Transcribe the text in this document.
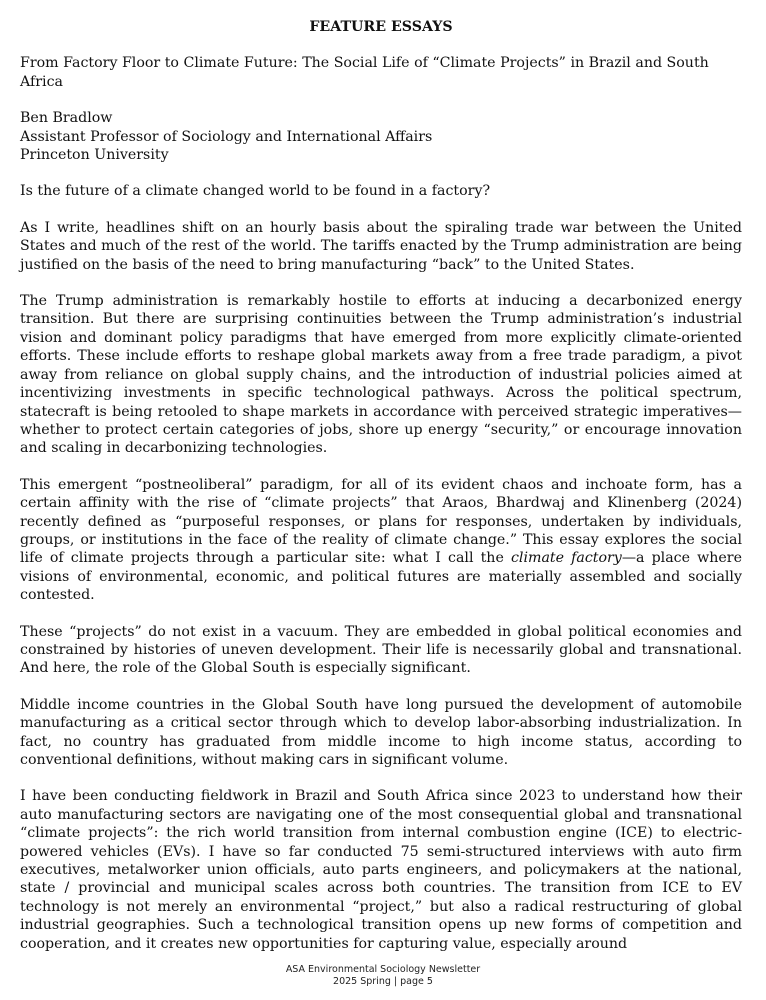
FEATURE ESSAYS
From Factory Floor to Climate Future: The Social Life of “Climate Projects” in Brazil and South Africa
Ben Bradlow
Assistant Professor of Sociology and International Affairs
Princeton University

Is the future of a climate changed world to be found in a factory?

As I write, headlines shift on an hourly basis about the spiraling trade war between the United States and much of the rest of the world. The tariffs enacted by the Trump administration are being justified on the basis of the need to bring manufacturing “back” to the United States.

The Trump administration is remarkably hostile to efforts at inducing a decarbonized energy transition. But there are surprising continuities between the Trump administration’s industrial vision and dominant policy paradigms that have emerged from more explicitly climate-oriented efforts. These include efforts to reshape global markets away from a free trade paradigm, a pivot away from reliance on global supply chains, and the introduction of industrial policies aimed at incentivizing investments in specific technological pathways. Across the political spectrum, statecraft is being retooled to shape markets in accordance with perceived strategic imperatives—whether to protect certain categories of jobs, shore up energy “security,” or encourage innovation and scaling in decarbonizing technologies.

This emergent “postneoliberal” paradigm, for all of its evident chaos and inchoate form, has a certain affinity with the rise of “climate projects” that Araos, Bhardwaj and Klinenberg (2024) recently defined as “purposeful responses, or plans for responses, undertaken by individuals, groups, or institutions in the face of the reality of climate change.” This essay explores the social life of climate projects through a particular site: what I call the climate factory—a place where visions of environmental, economic, and political futures are materially assembled and socially contested.

These “projects” do not exist in a vacuum. They are embedded in global political economies and constrained by histories of uneven development. Their life is necessarily global and transnational. And here, the role of the Global South is especially significant.

Middle income countries in the Global South have long pursued the development of automobile manufacturing as a critical sector through which to develop labor-absorbing industrialization. In fact, no country has graduated from middle income to high income status, according to conventional definitions, without making cars in significant volume.

I have been conducting fieldwork in Brazil and South Africa since 2023 to understand how their auto manufacturing sectors are navigating one of the most consequential global and transnational “climate projects”: the rich world transition from internal combustion engine (ICE) to electric-powered vehicles (EVs). I have so far conducted 75 semi-structured interviews with auto firm executives, metalworker union officials, auto parts engineers, and policymakers at the national, state / provincial and municipal scales across both countries. The transition from ICE to EV technology is not merely an environmental “project,” but also a radical restructuring of global industrial geographies. Such a technological transition opens up new forms of competition and cooperation, and it creates new opportunities for capturing value, especially around

ASA Environmental Sociology Newsletter
2025 Spring | page 5
